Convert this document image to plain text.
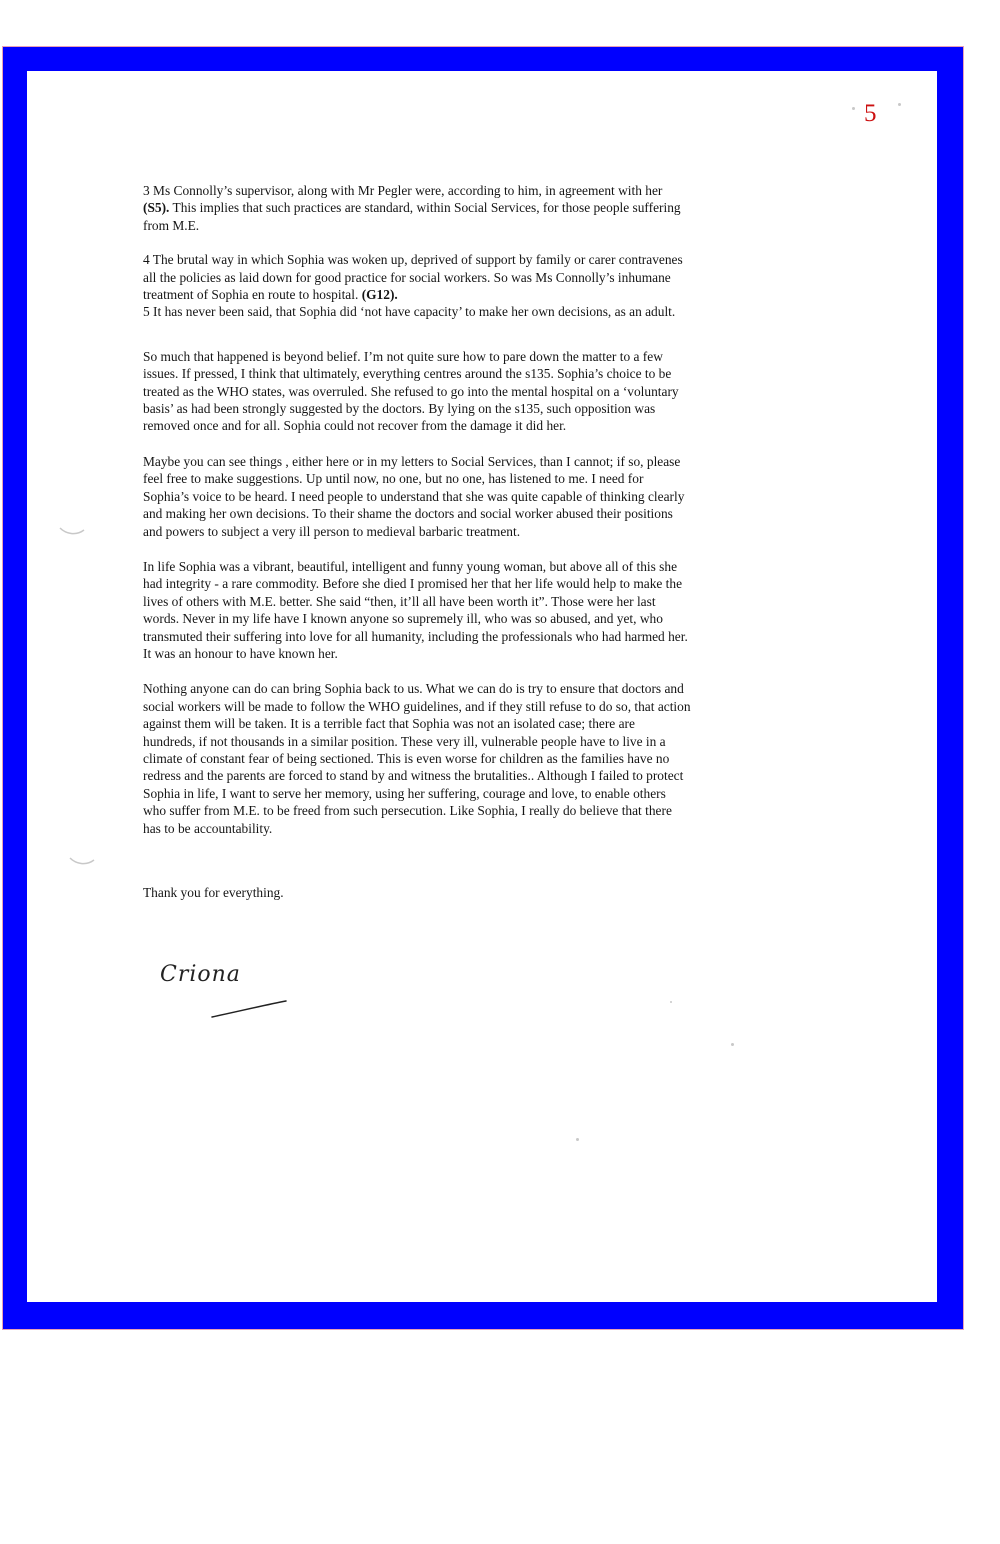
5

3 Ms Connolly’s supervisor, along with Mr Pegler were, according to him, in agreement with her
(S5). This implies that such practices are standard, within Social Services, for those people suffering
from M.E.

4 The brutal way in which Sophia was woken up, deprived of support by family or carer contravenes
all the policies as laid down for good practice for social workers. So was Ms Connolly’s inhumane
treatment of Sophia en route to hospital. (G12).

5 It has never been said, that Sophia did ‘not have capacity’ to make her own decisions, as an adult.

So much that happened is beyond belief. I’m not quite sure how to pare down the matter to a few
issues. If pressed, I think that ultimately, everything centres around the s135. Sophia’s choice to be
treated as the WHO states, was overruled. She refused to go into the mental hospital on a ‘voluntary
basis’ as had been strongly suggested by the doctors. By lying on the s135, such opposition was
removed once and for all. Sophia could not recover from the damage it did her.

Maybe you can see things , either here or in my letters to Social Services, than I cannot; if so, please
feel free to make suggestions. Up until now, no one, but no one, has listened to me. I need for
Sophia’s voice to be heard. I need people to understand that she was quite capable of thinking clearly
and making her own decisions. To their shame the doctors and social worker abused their positions
and powers to subject a very ill person to medieval barbaric treatment.

In life Sophia was a vibrant, beautiful, intelligent and funny young woman, but above all of this she
had integrity - a rare commodity. Before she died I promised her that her life would help to make the
lives of others with M.E. better. She said “then, it’ll all have been worth it”. Those were her last
words. Never in my life have I known anyone so supremely ill, who was so abused, and yet, who
transmuted their suffering into love for all humanity, including the professionals who had harmed her.
It was an honour to have known her.

Nothing anyone can do can bring Sophia back to us. What we can do is try to ensure that doctors and
social workers will be made to follow the WHO guidelines, and if they still refuse to do so, that action
against them will be taken. It is a terrible fact that Sophia was not an isolated case; there are
hundreds, if not thousands in a similar position. These very ill, vulnerable people have to live in a
climate of constant fear of being sectioned. This is even worse for children as the families have no
redress and the parents are forced to stand by and witness the brutalities.. Although I failed to protect
Sophia in life, I want to serve her memory, using her suffering, courage and love, to enable others
who suffer from M.E. to be freed from such persecution. Like Sophia, I really do believe that there
has to be accountability.

Thank you for everything.
Criona
